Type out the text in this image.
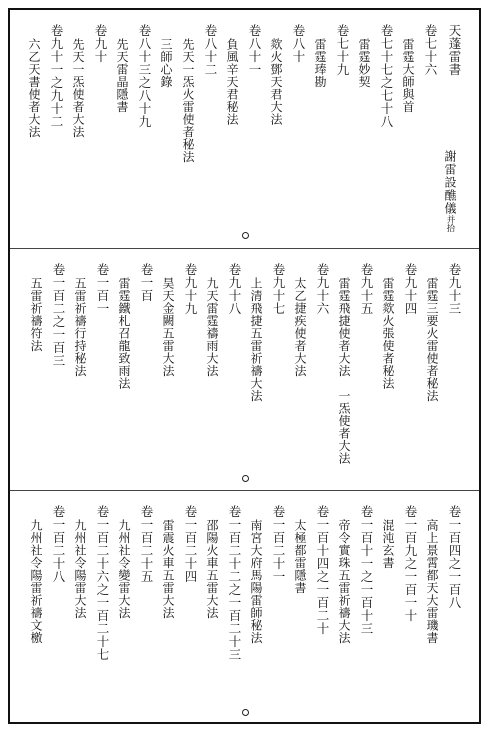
天蓬雷書
卷七十六
雷霆大師與首
卷七十七之七十八
雷霆妙契
卷七十九
雷霆琫勘
卷八十
欻火鄧天君大法
卷八十一
負風辛天君秘法
卷八十二
先天一炁火雷使者秘法
三師心錄
卷八十三之八十九
先天雷晶隱書
卷九十
先天一炁使者大法
卷九十一之九十二
六乙天書使者大法
謝雷設醮儀并拾
卷九十三
雷霆三要火雷使者秘法
卷九十四
雷霆欻火張使者秘法
卷九十五
雷霆飛捷使者大法　一炁使者大法
卷九十六
太乙捷疾使者大法
卷九十七
上清飛捷五雷祈禱大法
卷九十八
九天雷霆禱雨大法
卷九十九
昊天金闕五雷大法
卷一百
雷霆鐵札召龍致雨法
卷一百一
五雷祈禱行持秘法
卷一百二之一百三
五雷祈禱符法
卷一百四之一百八
高上景霄都天大雷璣書
卷一百九之一百一十
混沌玄書
卷一百十一之一百十三
帝令實珠五雷祈禱大法
卷一百十四之一百二十
太極都雷隱書
卷一百二十一
南宮大府馬陽雷師秘法
卷一百二十二之一百二十三
邵陽火車五雷大法
卷一百二十四
雷震火車五雷大法
卷一百二十五
九州社令變雷大法
卷一百二十六之一百二十七
九州社令陽雷大法
卷一百二十八
九州社令陽雷祈禱文檄
